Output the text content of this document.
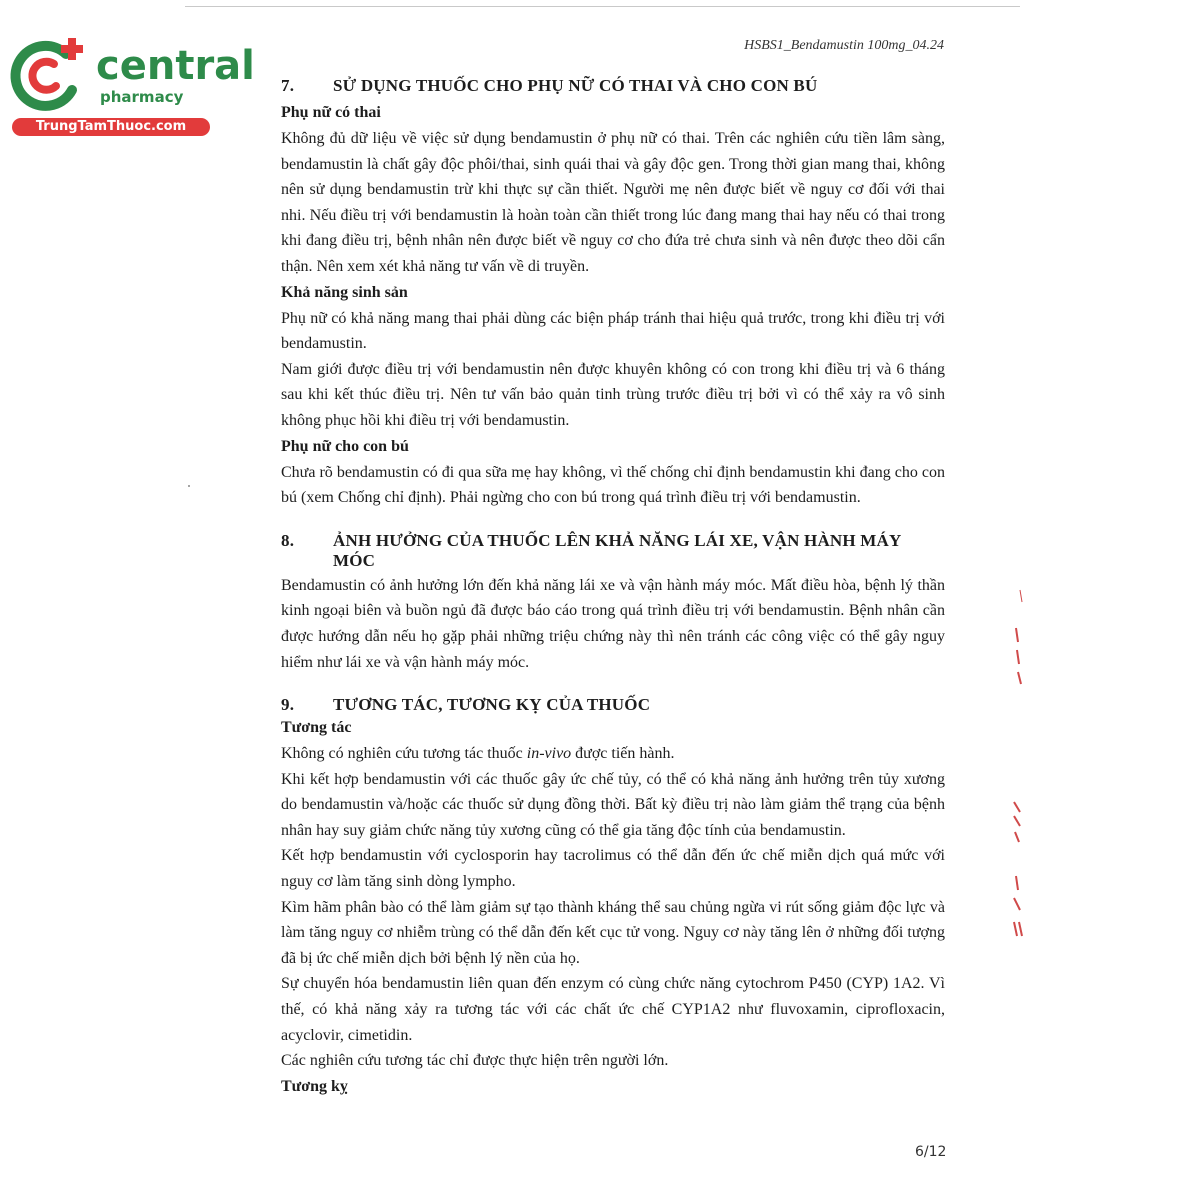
central
pharmacy
TrungTamThuoc.com
HSBS1_Bendamustin 100mg_04.24
7.	SỬ DỤNG THUỐC CHO PHỤ NỮ CÓ THAI VÀ CHO CON BÚ
Phụ nữ có thai

Không đủ dữ liệu về việc sử dụng bendamustin ở phụ nữ có thai. Trên các nghiên cứu tiền lâm sàng, bendamustin là chất gây độc phôi/thai, sinh quái thai và gây độc gen. Trong thời gian mang thai, không nên sử dụng bendamustin trừ khi thực sự cần thiết. Người mẹ nên được biết về nguy cơ đối với thai nhi. Nếu điều trị với bendamustin là hoàn toàn cần thiết trong lúc đang mang thai hay nếu có thai trong khi đang điều trị, bệnh nhân nên được biết về nguy cơ cho đứa trẻ chưa sinh và nên được theo dõi cẩn thận. Nên xem xét khả năng tư vấn về di truyền.

Khả năng sinh sản

Phụ nữ có khả năng mang thai phải dùng các biện pháp tránh thai hiệu quả trước, trong khi điều trị với bendamustin.

Nam giới được điều trị với bendamustin nên được khuyên không có con trong khi điều trị và 6 tháng sau khi kết thúc điều trị. Nên tư vấn bảo quản tinh trùng trước điều trị bởi vì có thể xảy ra vô sinh không phục hồi khi điều trị với bendamustin.

Phụ nữ cho con bú

Chưa rõ bendamustin có đi qua sữa mẹ hay không, vì thế chống chỉ định bendamustin khi đang cho con bú (xem Chống chỉ định). Phải ngừng cho con bú trong quá trình điều trị với bendamustin.

8.	ẢNH HƯỞNG CỦA THUỐC LÊN KHẢ NĂNG LÁI XE, VẬN HÀNH MÁY MÓC

Bendamustin có ảnh hưởng lớn đến khả năng lái xe và vận hành máy móc. Mất điều hòa, bệnh lý thần kinh ngoại biên và buồn ngủ đã được báo cáo trong quá trình điều trị với bendamustin. Bệnh nhân cần được hướng dẫn nếu họ gặp phải những triệu chứng này thì nên tránh các công việc có thể gây nguy hiểm như lái xe và vận hành máy móc.

9.	TƯƠNG TÁC, TƯƠNG KỴ CỦA THUỐC
Tương tác

Không có nghiên cứu tương tác thuốc in-vivo được tiến hành.

Khi kết hợp bendamustin với các thuốc gây ức chế tủy, có thể có khả năng ảnh hưởng trên tủy xương do bendamustin và/hoặc các thuốc sử dụng đồng thời. Bất kỳ điều trị nào làm giảm thể trạng của bệnh nhân hay suy giảm chức năng tủy xương cũng có thể gia tăng độc tính của bendamustin.

Kết hợp bendamustin với cyclosporin hay tacrolimus có thể dẫn đến ức chế miễn dịch quá mức với nguy cơ làm tăng sinh dòng lympho.

Kìm hãm phân bào có thể làm giảm sự tạo thành kháng thể sau chủng ngừa vi rút sống giảm độc lực và làm tăng nguy cơ nhiễm trùng có thể dẫn đến kết cục tử vong. Nguy cơ này tăng lên ở những đối tượng đã bị ức chế miễn dịch bởi bệnh lý nền của họ.

Sự chuyển hóa bendamustin liên quan đến enzym có cùng chức năng cytochrom P450 (CYP) 1A2. Vì thế, có khả năng xảy ra tương tác với các chất ức chế CYP1A2 như fluvoxamin, ciprofloxacin, acyclovir, cimetidin.

Các nghiên cứu tương tác chỉ được thực hiện trên người lớn.

Tương kỵ
6/12
